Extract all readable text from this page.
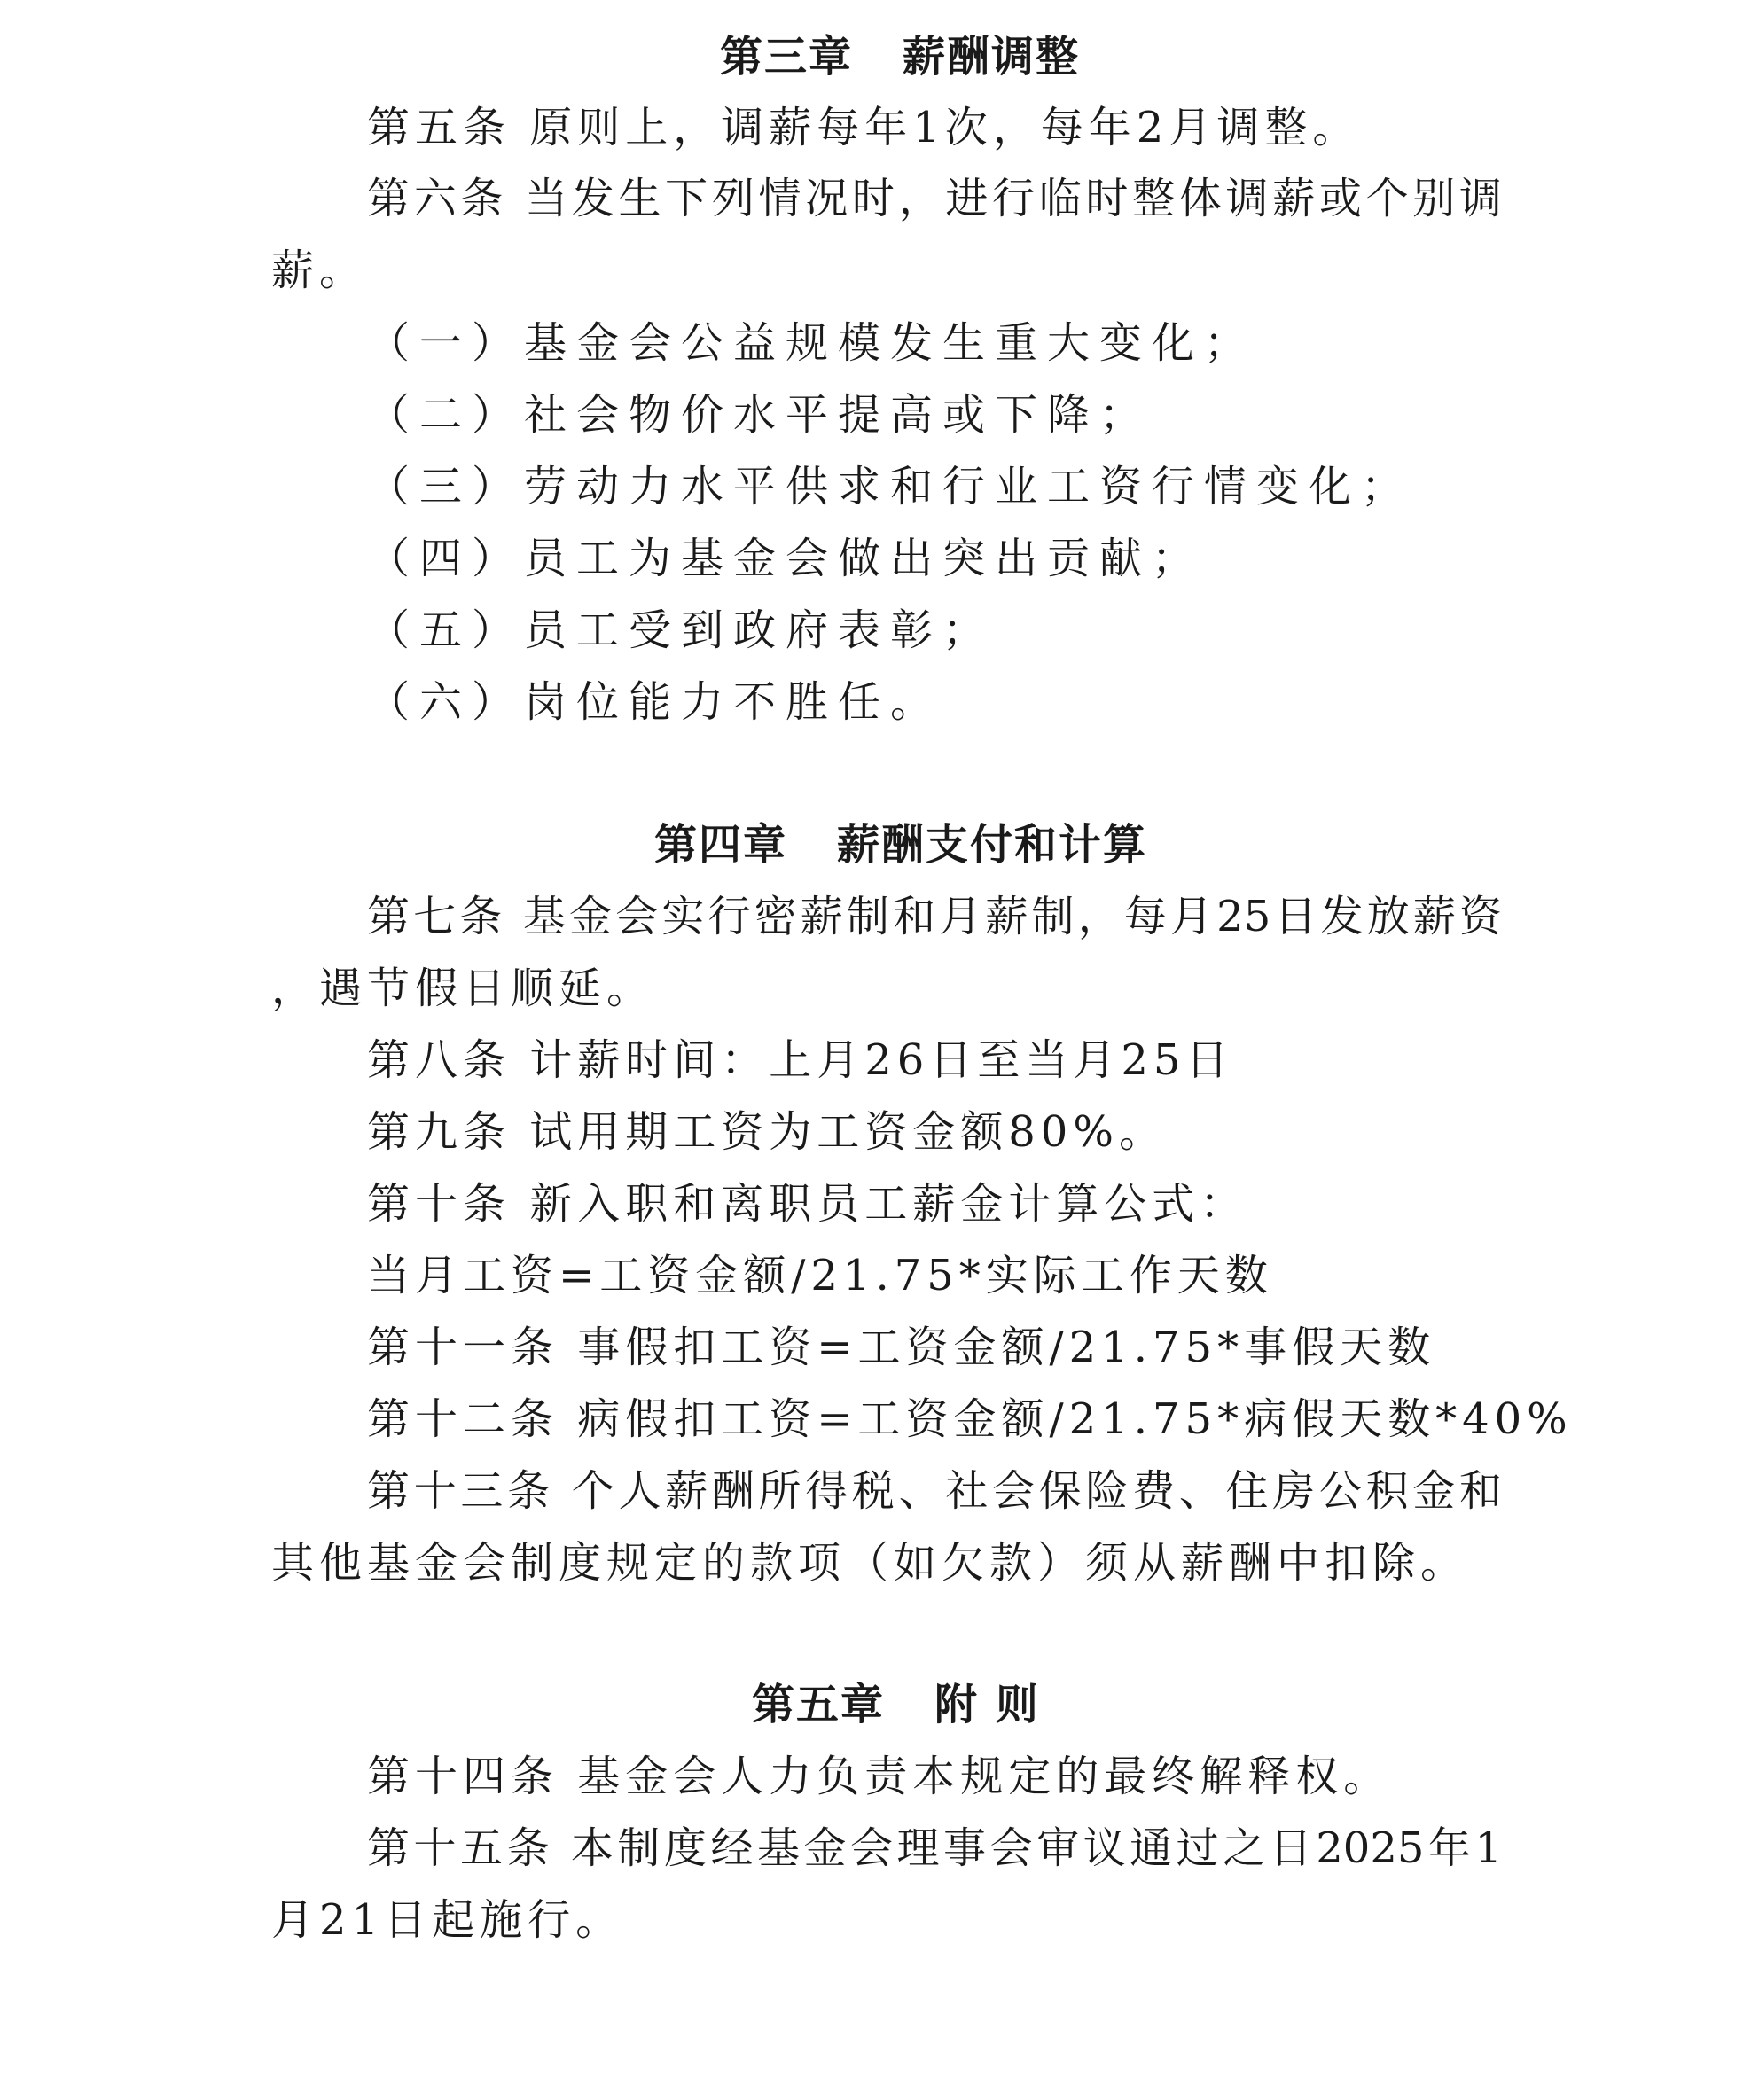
第三章 薪酬调整
第五条 原则上，调薪每年1次，每年2月调整。
第六条 当发生下列情况时，进行临时整体调薪或个别调
薪。
（一）基金会公益规模发生重大变化；
（二）社会物价水平提高或下降；
（三）劳动力水平供求和行业工资行情变化；
（四）员工为基金会做出突出贡献；
（五）员工受到政府表彰；
（六）岗位能力不胜任。
第四章 薪酬支付和计算
第七条 基金会实行密薪制和月薪制，每月25日发放薪资
，遇节假日顺延。
第八条 计薪时间：上月26日至当月25日
第九条 试用期工资为工资金额80%。
第十条 新入职和离职员工薪金计算公式：
当月工资=工资金额/21.75*实际工作天数
第十一条 事假扣工资=工资金额/21.75*事假天数
第十二条 病假扣工资=工资金额/21.75*病假天数*40%
第十三条 个人薪酬所得税、社会保险费、住房公积金和
其他基金会制度规定的款项（如欠款）须从薪酬中扣除。
第五章 附 则
第十四条 基金会人力负责本规定的最终解释权。
第十五条 本制度经基金会理事会审议通过之日2025年1
月21日起施行。
